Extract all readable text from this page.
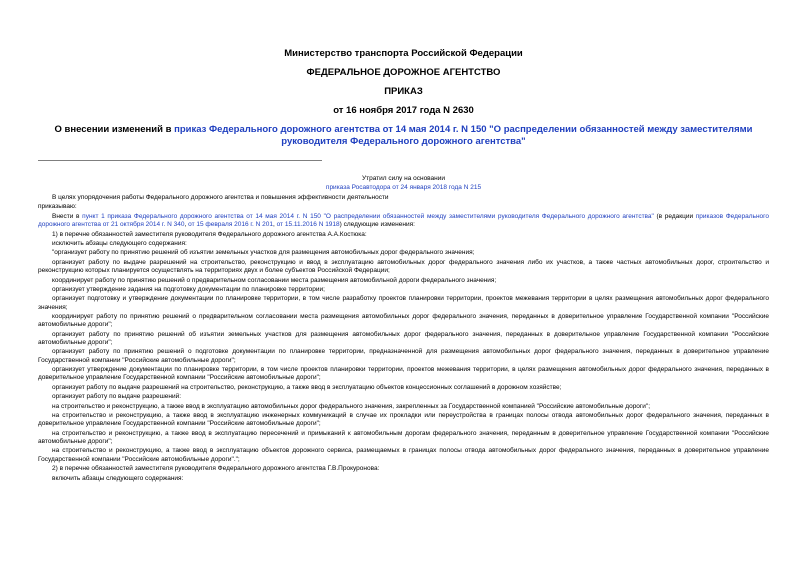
Министерство транспорта Российской Федерации
ФЕДЕРАЛЬНОЕ ДОРОЖНОЕ АГЕНТСТВО
ПРИКАЗ
от 16 ноября 2017 года N 2630
О внесении изменений в приказ Федерального дорожного агентства от 14 мая 2014 г. N 150 "О распределении обязанностей между заместителями руководителя Федерального дорожного агентства"
Утратил силу на основании
приказа Росавтодора от 24 января 2018 года N 215

В целях упорядочения работы Федерального дорожного агентства и повышения эффективности деятельности

приказываю:

Внести в пункт 1 приказа Федерального дорожного агентства от 14 мая 2014 г. N 150 "О распределении обязанностей между заместителями руководителя Федерального дорожного агентства" (в редакции приказов Федерального дорожного агентства от 21 октября 2014 г. N 340, от 15 февраля 2016 г. N 201, от 15.11.2016 N 1918) следующие изменения:

1) в перечне обязанностей заместителя руководителя Федерального дорожного агентства А.А.Костюка:

исключить абзацы следующего содержания:

"организует работу по принятию решений об изъятии земельных участков для размещения автомобильных дорог федерального значения;

организует работу по выдаче разрешений на строительство, реконструкцию и ввод в эксплуатацию автомобильных дорог федерального значения либо их участков, а также частных автомобильных дорог, строительство и реконструкцию которых планируется осуществлять на территориях двух и более субъектов Российской Федерации;

координирует работу по принятию решений о предварительном согласовании места размещения автомобильной дороги федерального значения;

организует утверждение задания на подготовку документации по планировке территории;

организует подготовку и утверждение документации по планировке территории, в том числе разработку проектов планировки территории, проектов межевания территории в целях размещения автомобильных дорог федерального значения;

координирует работу по принятию решений о предварительном согласовании места размещения автомобильных дорог федерального значения, переданных в доверительное управление Государственной компании "Российские автомобильные дороги";

организует работу по принятию решений об изъятии земельных участков для размещения автомобильных дорог федерального значения, переданных в доверительное управление Государственной компании "Российские автомобильные дороги";

организует работу по принятию решений о подготовке документации по планировке территории, предназначенной для размещения автомобильных дорог федерального значения, переданных в доверительное управление Государственной компании "Российские автомобильные дороги";

организует утверждение документации по планировке территории, в том числе проектов планировки территории, проектов межевания территории, в целях размещения автомобильных дорог федерального значения, переданных в доверительное управление Государственной компании "Российские автомобильные дороги";

организует работу по выдаче разрешений на строительство, реконструкцию, а также ввод в эксплуатацию объектов концессионных соглашений в дорожном хозяйстве;

организует работу по выдаче разрешений:

на строительство и реконструкцию, а также ввод в эксплуатацию автомобильных дорог федерального значения, закрепленных за Государственной компанией "Российские автомобильные дороги";

на строительство и реконструкцию, а также ввод в эксплуатацию инженерных коммуникаций в случае их прокладки или переустройства в границах полосы отвода автомобильных дорог федерального значения, переданных в доверительное управление Государственной компании "Российские автомобильные дороги";

на строительство и реконструкцию, а также ввод в эксплуатацию пересечений и примыканий к автомобильным дорогам федерального значения, переданным в доверительное управление Государственной компании "Российские автомобильные дороги";

на строительство и реконструкцию, а также ввод в эксплуатацию объектов дорожного сервиса, размещаемых в границах полосы отвода автомобильных дорог федерального значения, переданных в доверительное управление Государственной компании "Российские автомобильные дороги".";

2) в перечне обязанностей заместителя руководителя Федерального дорожного агентства Г.В.Прокуронова:

включить абзацы следующего содержания:
